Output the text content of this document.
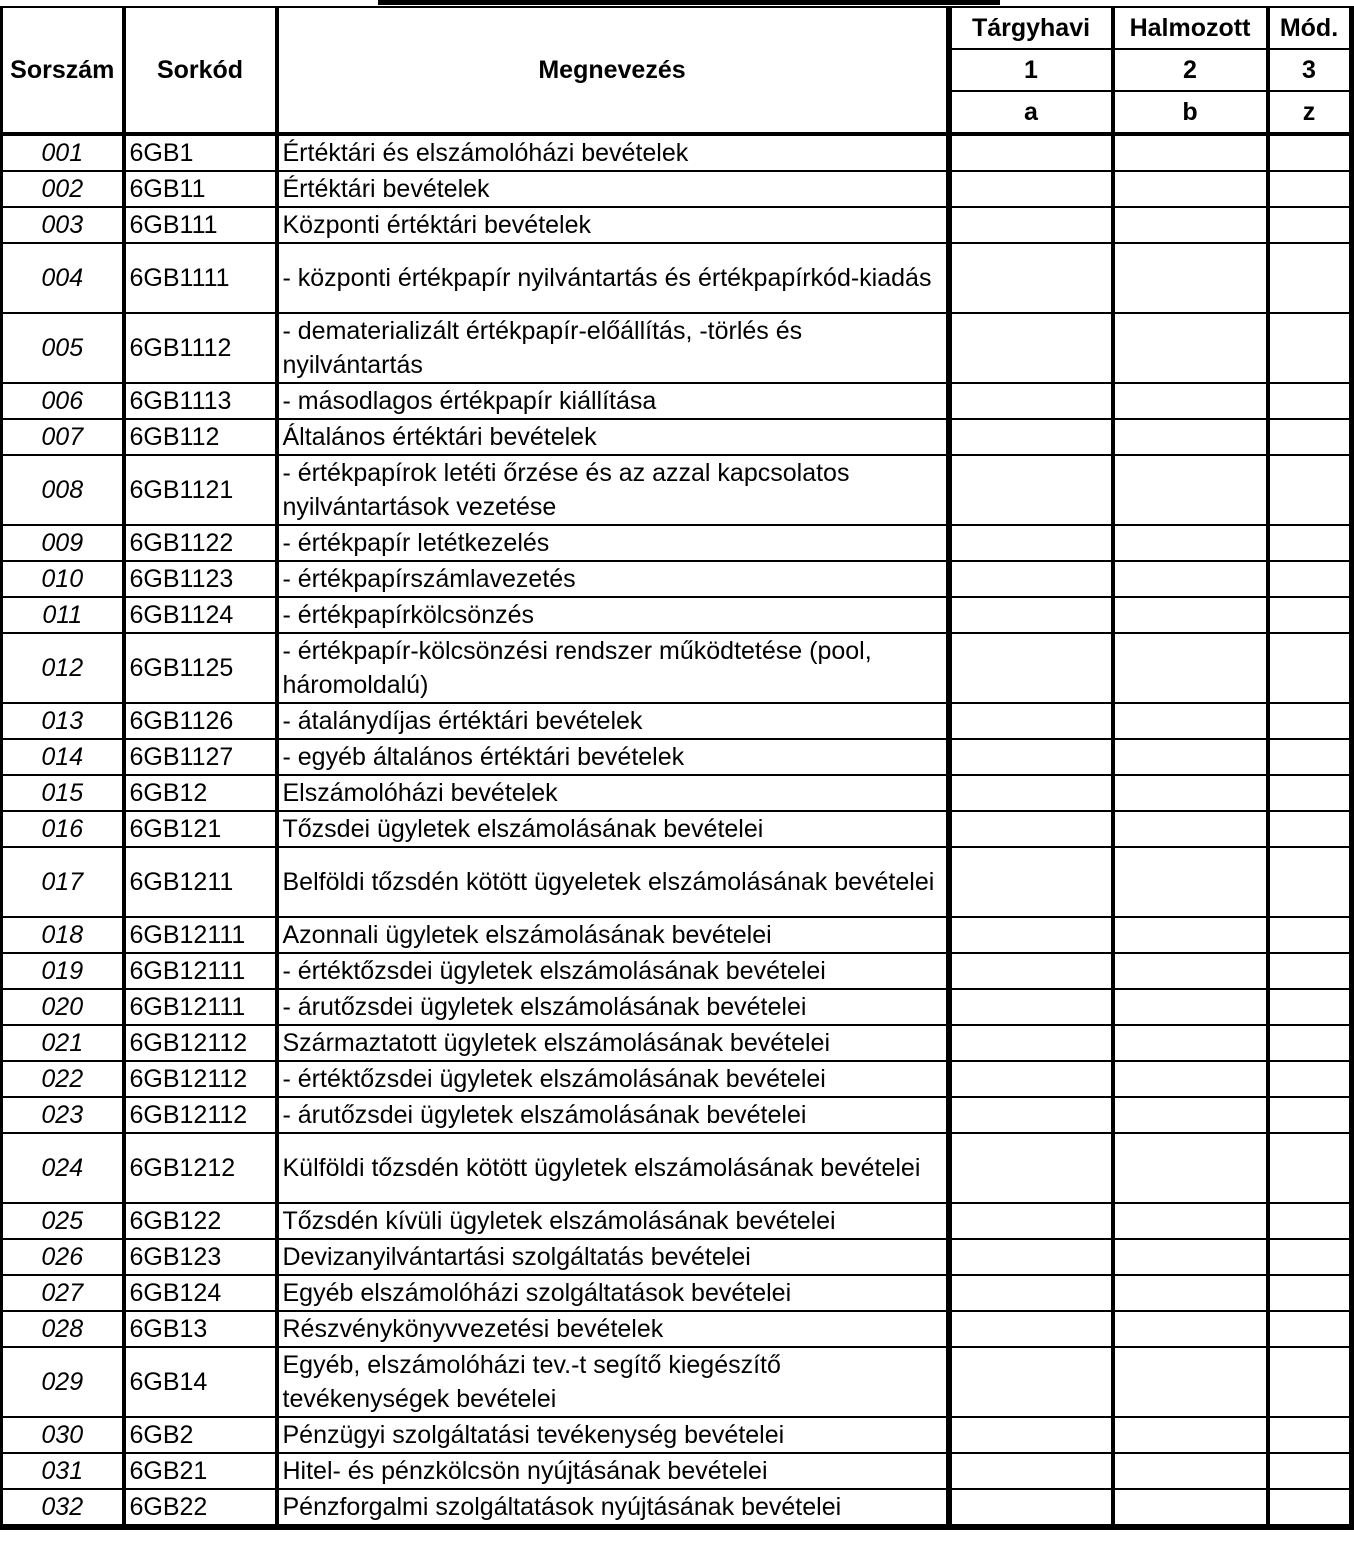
Sorszám	Sorkód	Megnevezés	Tárgyhavi	Halmozott	Mód.
			1	2	3
			a	b	z
001	6GB1	Értéktári és elszámolóházi bevételek			
002	6GB11	Értéktári bevételek			
003	6GB111	Központi értéktári bevételek			
004	6GB1111	- központi értékpapír nyilvántartás és értékpapírkód-kiadás			
005	6GB1112	- dematerializált értékpapír-előállítás, -törlés és nyilvántartás			
006	6GB1113	- másodlagos értékpapír kiállítása			
007	6GB112	Általános értéktári bevételek			
008	6GB1121	- értékpapírok letéti őrzése és az azzal kapcsolatos nyilvántartások vezetése			
009	6GB1122	- értékpapír letétkezelés			
010	6GB1123	- értékpapírszámlavezetés			
011	6GB1124	- értékpapírkölcsönzés			
012	6GB1125	- értékpapír-kölcsönzési rendszer működtetése (pool, háromoldalú)			
013	6GB1126	- átalánydíjas értéktári bevételek			
014	6GB1127	- egyéb általános értéktári bevételek			
015	6GB12	Elszámolóházi bevételek			
016	6GB121	Tőzsdei ügyletek elszámolásának bevételei			
017	6GB1211	Belföldi tőzsdén kötött ügyeletek elszámolásának bevételei			
018	6GB12111	Azonnali ügyletek elszámolásának bevételei			
019	6GB12111	- értéktőzsdei ügyletek elszámolásának bevételei			
020	6GB12111	- árutőzsdei ügyletek elszámolásának bevételei			
021	6GB12112	Származtatott ügyletek elszámolásának bevételei			
022	6GB12112	- értéktőzsdei ügyletek elszámolásának bevételei			
023	6GB12112	- árutőzsdei ügyletek elszámolásának bevételei			
024	6GB1212	Külföldi tőzsdén kötött ügyletek elszámolásának bevételei			
025	6GB122	Tőzsdén kívüli ügyletek elszámolásának bevételei			
026	6GB123	Devizanyilvántartási szolgáltatás bevételei			
027	6GB124	Egyéb elszámolóházi szolgáltatások bevételei			
028	6GB13	Részvénykönyvvezetési bevételek			
029	6GB14	Egyéb, elszámolóházi tev.-t segítő kiegészítő tevékenységek bevételei			
030	6GB2	Pénzügyi szolgáltatási tevékenység bevételei			
031	6GB21	Hitel- és pénzkölcsön nyújtásának bevételei			
032	6GB22	Pénzforgalmi szolgáltatások nyújtásának bevételei			
